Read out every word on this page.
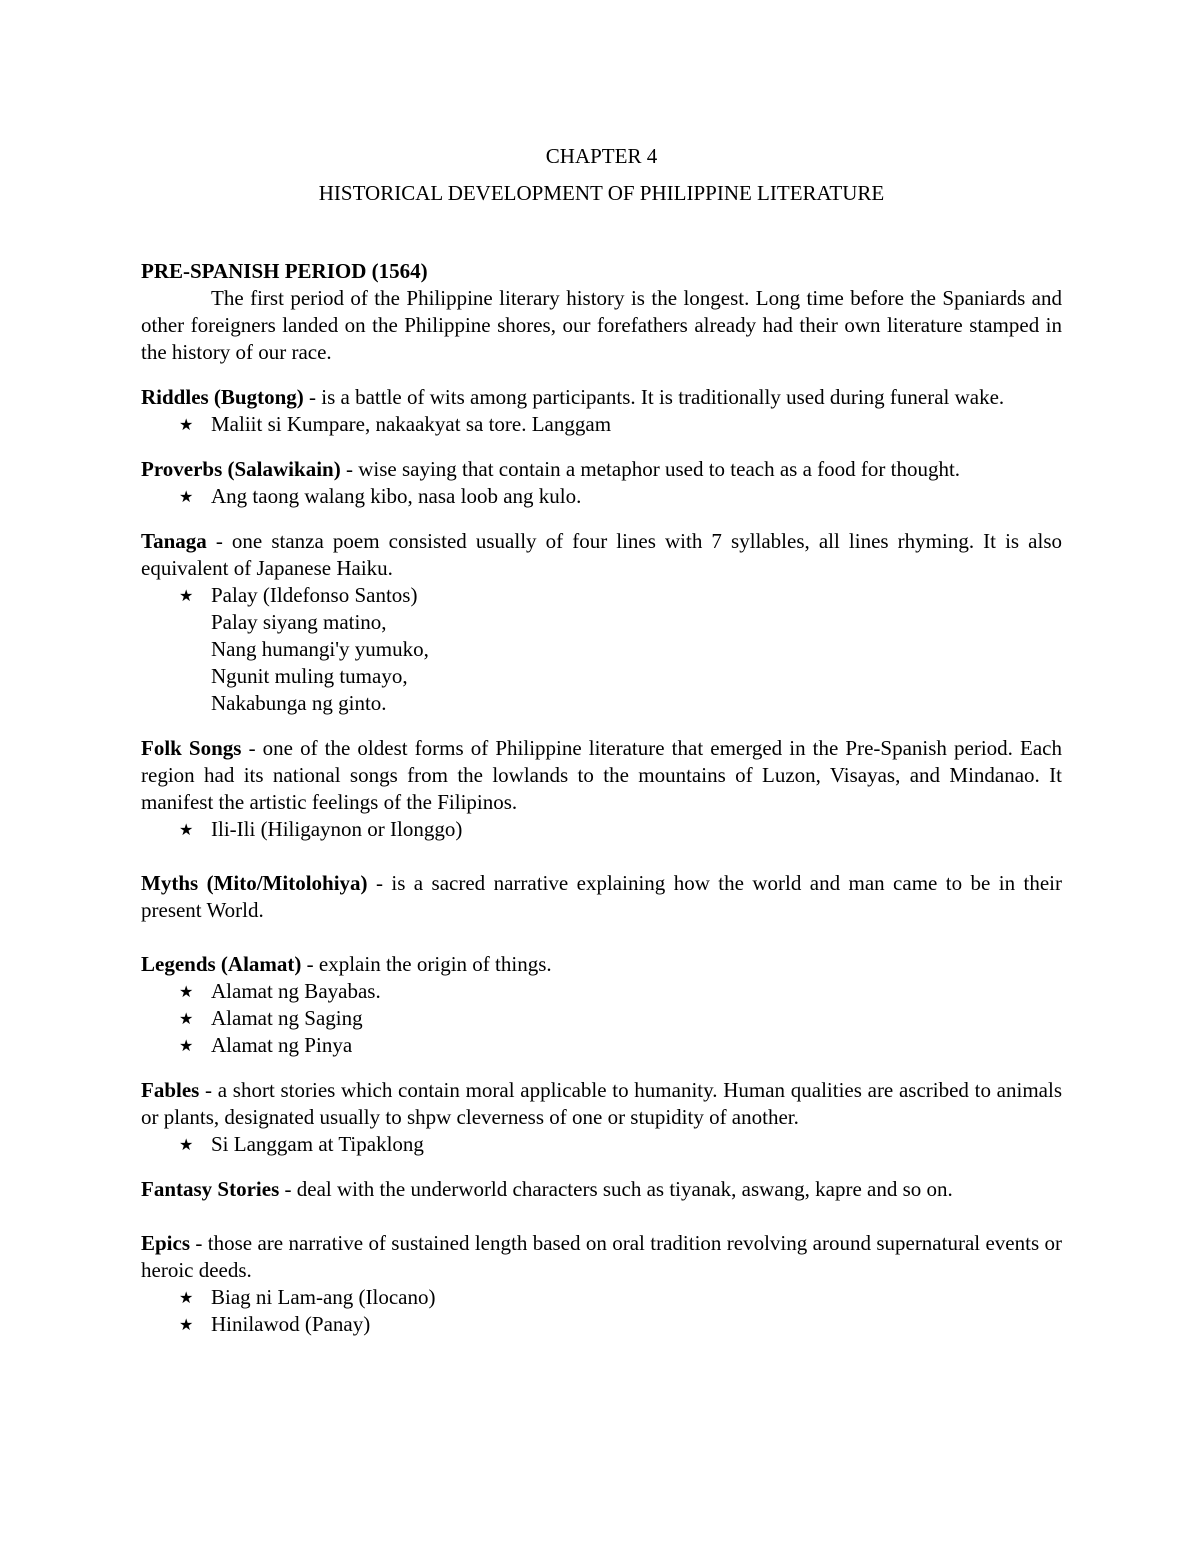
CHAPTER 4

HISTORICAL DEVELOPMENT OF PHILIPPINE LITERATURE

PRE-SPANISH PERIOD (1564)

The first period of the Philippine literary history is the longest. Long time before the Spaniards and other foreigners landed on the Philippine shores, our forefathers already had their own literature stamped in the history of our race.

Riddles (Bugtong) - is a battle of wits among participants. It is traditionally used during funeral wake.

★ Maliit si Kumpare, nakaakyat sa tore. Langgam

Proverbs (Salawikain) - wise saying that contain a metaphor used to teach as a food for thought.

★ Ang taong walang kibo, nasa loob ang kulo.

Tanaga - one stanza poem consisted usually of four lines with 7 syllables, all lines rhyming. It is also equivalent of Japanese Haiku.

★ Palay (Ildefonso Santos)
Palay siyang matino,
Nang humangi'y yumuko,
Ngunit muling tumayo,
Nakabunga ng ginto.

Folk Songs - one of the oldest forms of Philippine literature that emerged in the Pre-Spanish period. Each region had its national songs from the lowlands to the mountains of Luzon, Visayas, and Mindanao. It manifest the artistic feelings of the Filipinos.

★ Ili-Ili (Hiligaynon or Ilonggo)

Myths (Mito/Mitolohiya) - is a sacred narrative explaining how the world and man came to be in their present World.

Legends (Alamat) - explain the origin of things.

★ Alamat ng Bayabas.
★ Alamat ng Saging
★ Alamat ng Pinya

Fables - a short stories which contain moral applicable to humanity. Human qualities are ascribed to animals or plants, designated usually to shpw cleverness of one or stupidity of another.

★ Si Langgam at Tipaklong

Fantasy Stories - deal with the underworld characters such as tiyanak, aswang, kapre and so on.

Epics - those are narrative of sustained length based on oral tradition revolving around supernatural events or heroic deeds.

★ Biag ni Lam-ang (Ilocano)
★ Hinilawod (Panay)
